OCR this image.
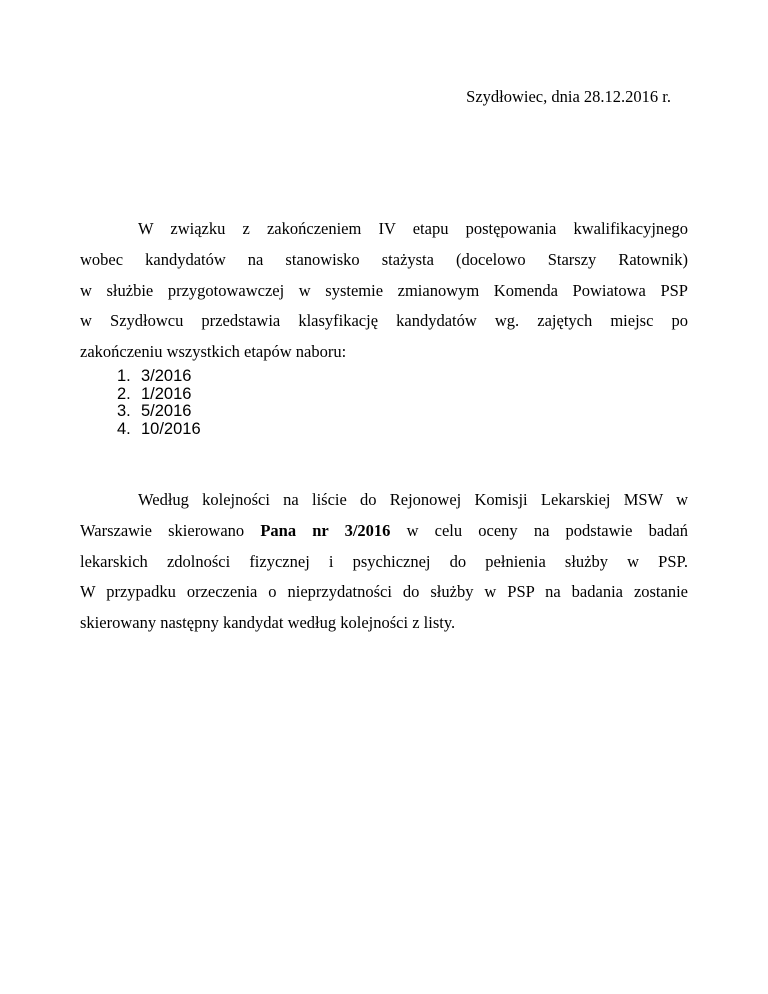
Szydłowiec, dnia 28.12.2016 r.
W związku z zakończeniem IV etapu postępowania kwalifikacyjnego
wobec kandydatów na stanowisko stażysta (docelowo Starszy Ratownik)
w służbie przygotowawczej w systemie zmianowym Komenda Powiatowa PSP
w Szydłowcu przedstawia klasyfikację kandydatów wg. zajętych miejsc po
zakończeniu wszystkich etapów naboru:
1. 3/2016
2. 1/2016
3. 5/2016
4. 10/2016
Według kolejności na liście do Rejonowej Komisji Lekarskiej MSW w
Warszawie skierowano Pana nr 3/2016 w celu oceny na podstawie badań
lekarskich zdolności fizycznej i psychicznej do pełnienia służby w PSP.
W przypadku orzeczenia o nieprzydatności do służby w PSP na badania zostanie
skierowany następny kandydat według kolejności z listy.
